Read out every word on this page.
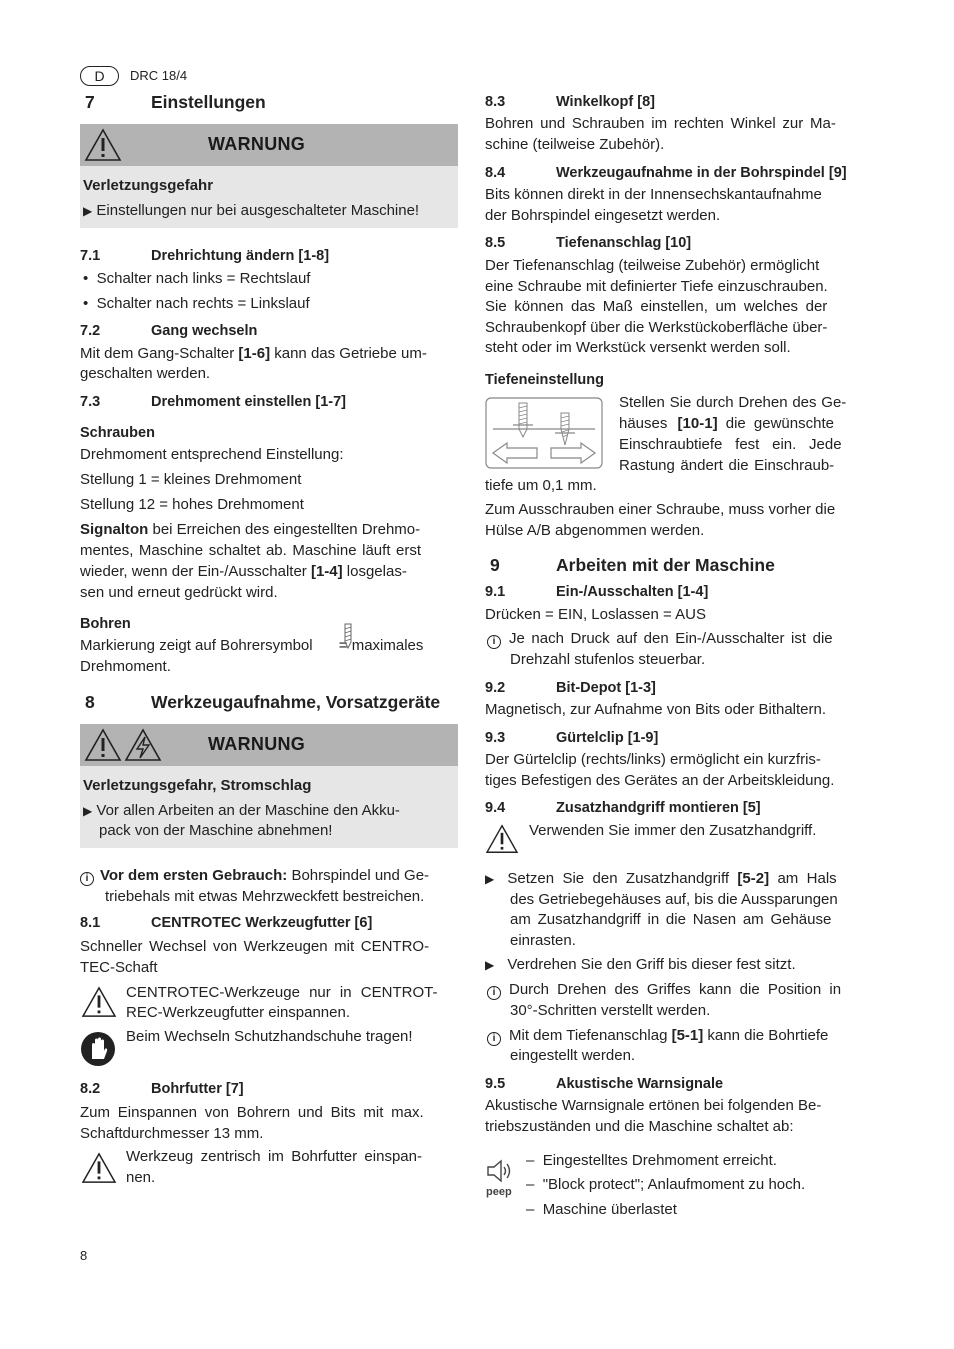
D	DRC 18/4
7	Einstellungen
WARNUNG
Verletzungsgefahr
▶ Einstellungen nur bei ausgeschalteter Maschine!
7.1	Drehrichtung ändern [1-8]
•  Schalter nach links = Rechtslauf
•  Schalter nach rechts = Linkslauf
7.2	Gang wechseln
Mit dem Gang-Schalter [1-6] kann das Getriebe um-
geschalten werden.
7.3	Drehmoment einstellen [1-7]
Schrauben
Drehmoment entsprechend Einstellung:
Stellung 1 = kleines Drehmoment
Stellung 12 = hohes Drehmoment
Signalton bei Erreichen des eingestellten Drehmo-
mentes, Maschine schaltet ab. Maschine läuft erst
wieder, wenn der Ein-/Ausschalter [1-4] losgelas-
sen und erneut gedrückt wird.
Bohren
Markierung zeigt auf Bohrersymbol
= maximales
Drehmoment.
8	Werkzeugaufnahme, Vorsatzgeräte
WARNUNG
Verletzungsgefahr, Stromschlag
▶ Vor allen Arbeiten an der Maschine den Akku-
pack von der Maschine abnehmen!
i Vor dem ersten Gebrauch: Bohrspindel und Ge-
triebehals mit etwas Mehrzweckfett bestreichen.
8.1	CENTROTEC Werkzeugfutter [6]
Schneller Wechsel von Werkzeugen mit CENTRO-
TEC-Schaft
CENTROTEC-Werkzeuge nur in CENTROT-
REC-Werkzeugfutter einspannen.
Beim Wechseln Schutzhandschuhe tragen!
8.2	Bohrfutter [7]
Zum Einspannen von Bohrern und Bits mit max.
Schaftdurchmesser 13 mm.
Werkzeug zentrisch im Bohrfutter einspan-
nen.
8.3	Winkelkopf [8]
Bohren und Schrauben im rechten Winkel zur Ma-
schine (teilweise Zubehör).
8.4	Werkzeugaufnahme in der Bohrspindel [9]
Bits können direkt in der Innensechskantaufnahme
der Bohrspindel eingesetzt werden.
8.5	Tiefenanschlag [10]
Der Tiefenanschlag (teilweise Zubehör) ermöglicht
eine Schraube mit definierter Tiefe einzuschrauben.
Sie können das Maß einstellen, um welches der
Schraubenkopf über die Werkstückoberfläche über-
steht oder im Werkstück versenkt werden soll.
Tiefeneinstellung
Stellen Sie durch Drehen des Ge-
häuses [10-1] die gewünschte
Einschraubtiefe fest ein. Jede
Rastung ändert die Einschraub-
tiefe um 0,1 mm.
Zum Ausschrauben einer Schraube, muss vorher die
Hülse A/B abgenommen werden.
9	Arbeiten mit der Maschine
9.1	Ein-/Ausschalten [1-4]
Drücken = EIN, Loslassen = AUS
i Je nach Druck auf den Ein-/Ausschalter ist die
Drehzahl stufenlos steuerbar.
9.2	Bit-Depot [1-3]
Magnetisch, zur Aufnahme von Bits oder Bithaltern.
9.3	Gürtelclip [1-9]
Der Gürtelclip (rechts/links) ermöglicht ein kurzfris-
tiges Befestigen des Gerätes an der Arbeitskleidung.
9.4	Zusatzhandgriff montieren [5]
Verwenden Sie immer den Zusatzhandgriff.
▶ Setzen Sie den Zusatzhandgriff [5-2] am Hals
des Getriebegehäuses auf, bis die Aussparungen
am Zusatzhandgriff in die Nasen am Gehäuse
einrasten.
▶ Verdrehen Sie den Griff bis dieser fest sitzt.
i Durch Drehen des Griffes kann die Position in
30°-Schritten verstellt werden.
i Mit dem Tiefenanschlag [5-1] kann die Bohrtiefe
eingestellt werden.
9.5	Akustische Warnsignale
Akustische Warnsignale ertönen bei folgenden Be-
triebszuständen und die Maschine schaltet ab:
peep
–  Eingestelltes Drehmoment erreicht.
–  "Block protect"; Anlaufmoment zu hoch.
–  Maschine überlastet
8
